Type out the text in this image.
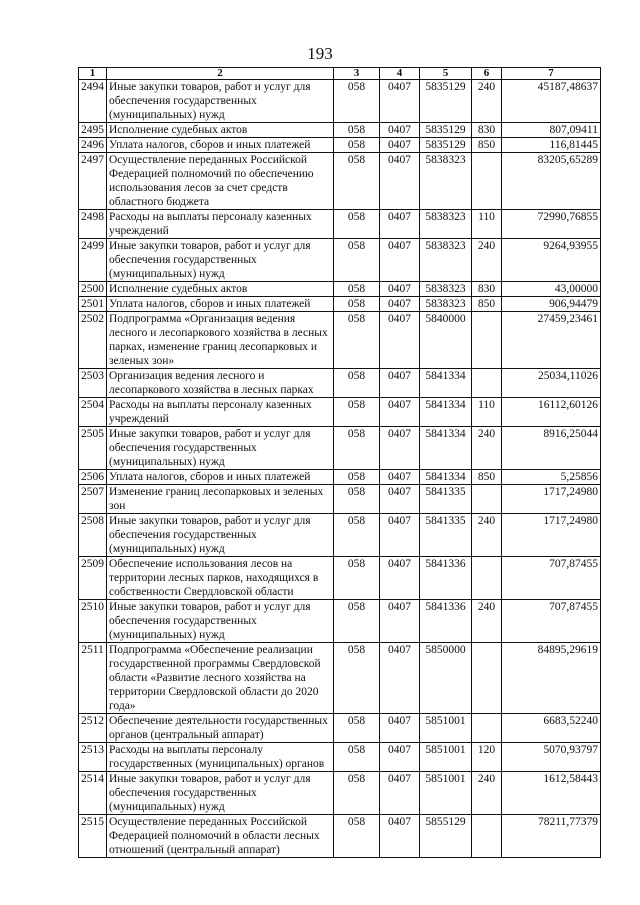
193
1	2	3	4	5	6	7
2494	Иные закупки товаров, работ и услуг для обеспечения государственных (муниципальных) нужд	058	0407	5835129	240	45187,48637
2495	Исполнение судебных актов	058	0407	5835129	830	807,09411
2496	Уплата налогов, сборов и иных платежей	058	0407	5835129	850	116,81445
2497	Осуществление переданных Российской Федерацией полномочий по обеспечению использования лесов за счет средств областного бюджета	058	0407	5838323		83205,65289
2498	Расходы на выплаты персоналу казенных учреждений	058	0407	5838323	110	72990,76855
2499	Иные закупки товаров, работ и услуг для обеспечения государственных (муниципальных) нужд	058	0407	5838323	240	9264,93955
2500	Исполнение судебных актов	058	0407	5838323	830	43,00000
2501	Уплата налогов, сборов и иных платежей	058	0407	5838323	850	906,94479
2502	Подпрограмма «Организация ведения лесного и лесопаркового хозяйства в лесных парках, изменение границ лесопарковых и зеленых зон»	058	0407	5840000		27459,23461
2503	Организация ведения лесного и лесопаркового хозяйства в лесных парках	058	0407	5841334		25034,11026
2504	Расходы на выплаты персоналу казенных учреждений	058	0407	5841334	110	16112,60126
2505	Иные закупки товаров, работ и услуг для обеспечения государственных (муниципальных) нужд	058	0407	5841334	240	8916,25044
2506	Уплата налогов, сборов и иных платежей	058	0407	5841334	850	5,25856
2507	Изменение границ лесопарковых и зеленых зон	058	0407	5841335		1717,24980
2508	Иные закупки товаров, работ и услуг для обеспечения государственных (муниципальных) нужд	058	0407	5841335	240	1717,24980
2509	Обеспечение использования лесов на территории лесных парков, находящихся в собственности Свердловской области	058	0407	5841336		707,87455
2510	Иные закупки товаров, работ и услуг для обеспечения государственных (муниципальных) нужд	058	0407	5841336	240	707,87455
2511	Подпрограмма «Обеспечение реализации государственной программы Свердловской области «Развитие лесного хозяйства на территории Свердловской области до 2020 года»	058	0407	5850000		84895,29619
2512	Обеспечение деятельности государственных органов (центральный аппарат)	058	0407	5851001		6683,52240
2513	Расходы на выплаты персоналу государственных (муниципальных) органов	058	0407	5851001	120	5070,93797
2514	Иные закупки товаров, работ и услуг для обеспечения государственных (муниципальных) нужд	058	0407	5851001	240	1612,58443
2515	Осуществление переданных Российской Федерацией полномочий в области лесных отношений (центральный аппарат)	058	0407	5855129		78211,77379
